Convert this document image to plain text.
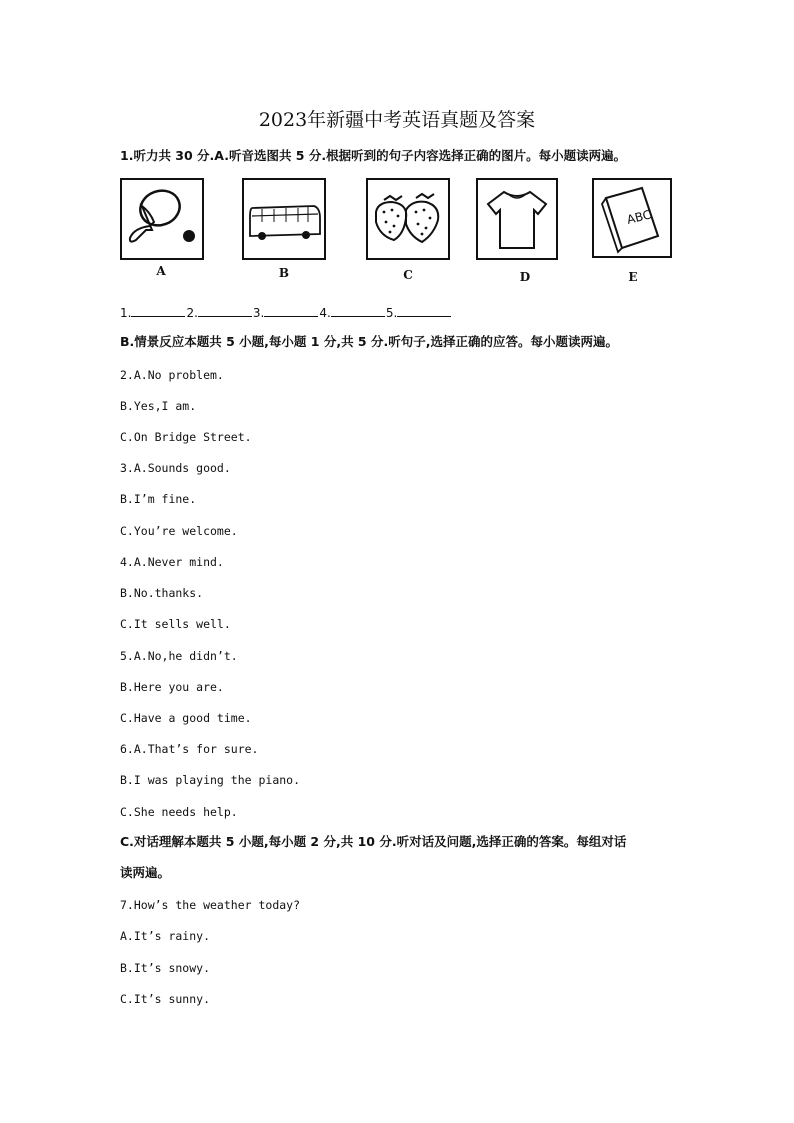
2023年新疆中考英语真题及答案
1.听力共 30 分.A.听音选图共 5 分.根据听到的句子内容选择正确的图片。每小题读两遍。
ABC
A	B	C	D	E
1.	2.	3.	4.	5.
B.情景反应本题共 5 小题,每小题 1 分,共 5 分.听句子,选择正确的应答。每小题读两遍。
2.A.No problem.
B.Yes,I am.
C.On Bridge Street.
3.A.Sounds good.
B.I’m fine.
C.You’re welcome.
4.A.Never mind.
B.No.thanks.
C.It sells well.
5.A.No,he didn’t.
B.Here you are.
C.Have a good time.
6.A.That’s for sure.
B.I was playing the piano.
C.She needs help.
C.对话理解本题共 5 小题,每小题 2 分,共 10 分.听对话及问题,选择正确的答案。每组对话
读两遍。
7.How’s the weather today?
A.It’s rainy.
B.It’s snowy.
C.It’s sunny.
